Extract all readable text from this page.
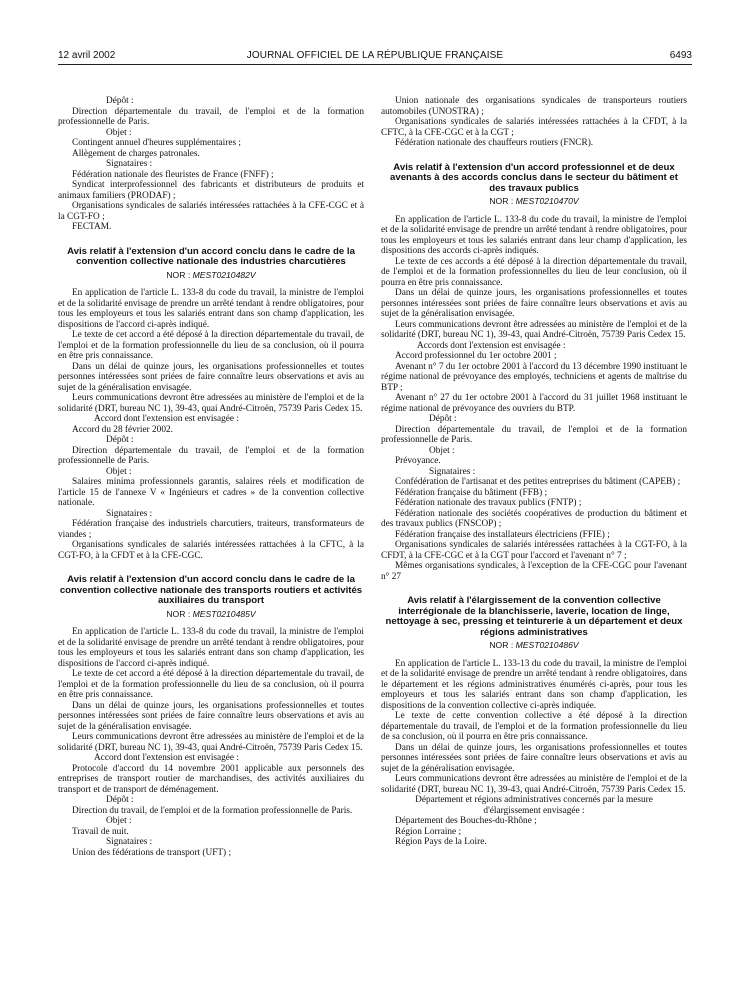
12 avril 2002	JOURNAL OFFICIEL DE LA RÉPUBLIQUE FRANÇAISE	6493

Dépôt :

Direction départementale du travail, de l'emploi et de la formation professionnelle de Paris.

Objet :

Contingent annuel d'heures supplémentaires ;

Allègement de charges patronales.

Signataires :

Fédération nationale des fleuristes de France (FNFF) ;

Syndicat interprofessionnel des fabricants et distributeurs de produits et animaux familiers (PRODAF) ;

Organisations syndicales de salariés intéressées rattachées à la CFE-CGC et à la CGT-FO ;

FECTAM.

Avis relatif à l'extension d'un accord conclu dans le cadre de la convention collective nationale des industries charcutières
NOR : MEST0210482V

En application de l'article L. 133-8 du code du travail, la ministre de l'emploi et de la solidarité envisage de prendre un arrêté tendant à rendre obligatoires, pour tous les employeurs et tous les salariés entrant dans son champ d'application, les dispositions de l'accord ci-après indiqué.

Le texte de cet accord a été déposé à la direction départementale du travail, de l'emploi et de la formation professionnelle du lieu de sa conclusion, où il pourra en être pris connaissance.

Dans un délai de quinze jours, les organisations professionnelles et toutes personnes intéressées sont priées de faire connaître leurs observations et avis au sujet de la généralisation envisagée.

Leurs communications devront être adressées au ministère de l'emploi et de la solidarité (DRT, bureau NC 1), 39-43, quai André-Citroën, 75739 Paris Cedex 15.

Accord dont l'extension est envisagée :

Accord du 28 février 2002.

Dépôt :

Direction départementale du travail, de l'emploi et de la formation professionnelle de Paris.

Objet :

Salaires minima professionnels garantis, salaires réels et modification de l'article 15 de l'annexe V « Ingénieurs et cadres » de la convention collective nationale.

Signataires :

Fédération française des industriels charcutiers, traiteurs, transformateurs de viandes ;

Organisations syndicales de salariés intéressées rattachées à la CFTC, à la CGT-FO, à la CFDT et à la CFE-CGC.

Avis relatif à l'extension d'un accord conclu dans le cadre de la convention collective nationale des transports routiers et activités auxiliaires du transport
NOR : MEST0210485V

En application de l'article L. 133-8 du code du travail, la ministre de l'emploi et de la solidarité envisage de prendre un arrêté tendant à rendre obligatoires, pour tous les employeurs et tous les salariés entrant dans son champ d'application, les dispositions de l'accord ci-après indiqué.

Le texte de cet accord a été déposé à la direction départementale du travail, de l'emploi et de la formation professionnelle du lieu de sa conclusion, où il pourra en être pris connaissance.

Dans un délai de quinze jours, les organisations professionnelles et toutes personnes intéressées sont priées de faire connaître leurs observations et avis au sujet de la généralisation envisagée.

Leurs communications devront être adressées au ministère de l'emploi et de la solidarité (DRT, bureau NC 1), 39-43, quai André-Citroën, 75739 Paris Cedex 15.

Accord dont l'extension est envisagée :

Protocole d'accord du 14 novembre 2001 applicable aux personnels des entreprises de transport routier de marchandises, des activités auxiliaires du transport et de transport de déménagement.

Dépôt :

Direction du travail, de l'emploi et de la formation professionnelle de Paris.

Objet :

Travail de nuit.

Signataires :

Union des fédérations de transport (UFT) ;

Union nationale des organisations syndicales de transporteurs routiers automobiles (UNOSTRA) ;

Organisations syndicales de salariés intéressées rattachées à la CFDT, à la CFTC, à la CFE-CGC et à la CGT ;

Fédération nationale des chauffeurs routiers (FNCR).

Avis relatif à l'extension d'un accord professionnel et de deux avenants à des accords conclus dans le secteur du bâtiment et des travaux publics
NOR : MEST0210470V

En application de l'article L. 133-8 du code du travail, la ministre de l'emploi et de la solidarité envisage de prendre un arrêté tendant à rendre obligatoires, pour tous les employeurs et tous les salariés entrant dans leur champ d'application, les dispositions des accords ci-après indiqués.

Le texte de ces accords a été déposé à la direction départementale du travail, de l'emploi et de la formation professionnelles du lieu de leur conclusion, où il pourra en être pris connaissance.

Dans un délai de quinze jours, les organisations professionnelles et toutes personnes intéressées sont priées de faire connaître leurs observations et avis au sujet de la généralisation envisagée.

Leurs communications devront être adressées au ministère de l'emploi et de la solidarité (DRT, bureau NC 1), 39-43, quai André-Citroën, 75739 Paris Cedex 15.

Accords dont l'extension est envisagée :

Accord professionnel du 1er octobre 2001 ;

Avenant n° 7 du 1er octobre 2001 à l'accord du 13 décembre 1990 instituant le régime national de prévoyance des employés, techniciens et agents de maîtrise du BTP ;

Avenant n° 27 du 1er octobre 2001 à l'accord du 31 juillet 1968 instituant le régime national de prévoyance des ouvriers du BTP.

Dépôt :

Direction départementale du travail, de l'emploi et de la formation professionnelle de Paris.

Objet :

Prévoyance.

Signataires :

Confédération de l'artisanat et des petites entreprises du bâtiment (CAPEB) ;

Fédération française du bâtiment (FFB) ;

Fédération nationale des travaux publics (FNTP) ;

Fédération nationale des sociétés coopératives de production du bâtiment et des travaux publics (FNSCOP) ;

Fédération française des installateurs électriciens (FFIE) ;

Organisations syndicales de salariés intéressées rattachées à la CGT-FO, à la CFDT, à la CFE-CGC et à la CGT pour l'accord et l'avenant n° 7 ;

Mêmes organisations syndicales, à l'exception de la CFE-CGC pour l'avenant n° 27

Avis relatif à l'élargissement de la convention collective interrégionale de la blanchisserie, laverie, location de linge, nettoyage à sec, pressing et teinturerie à un département et deux régions administratives
NOR : MEST0210486V

En application de l'article L. 133-13 du code du travail, la ministre de l'emploi et de la solidarité envisage de prendre un arrêté tendant à rendre obligatoires, dans le département et les régions administratives énumérés ci-après, pour tous les employeurs et tous les salariés entrant dans son champ d'application, les dispositions de la convention collective ci-après indiquée.

Le texte de cette convention collective a été déposé à la direction départementale du travail, de l'emploi et de la formation professionnelle du lieu de sa conclusion, où il pourra en être pris connaissance.

Dans un délai de quinze jours, les organisations professionnelles et toutes personnes intéressées sont priées de faire connaître leurs observations et avis au sujet de la généralisation envisagée.

Leurs communications devront être adressées au ministère de l'emploi et de la solidarité (DRT, bureau NC 1), 39-43, quai André-Citroën, 75739 Paris Cedex 15.

Département et régions administratives concernés par la mesure d'élargissement envisagée :

Département des Bouches-du-Rhône ;

Région Lorraine ;

Région Pays de la Loire.
